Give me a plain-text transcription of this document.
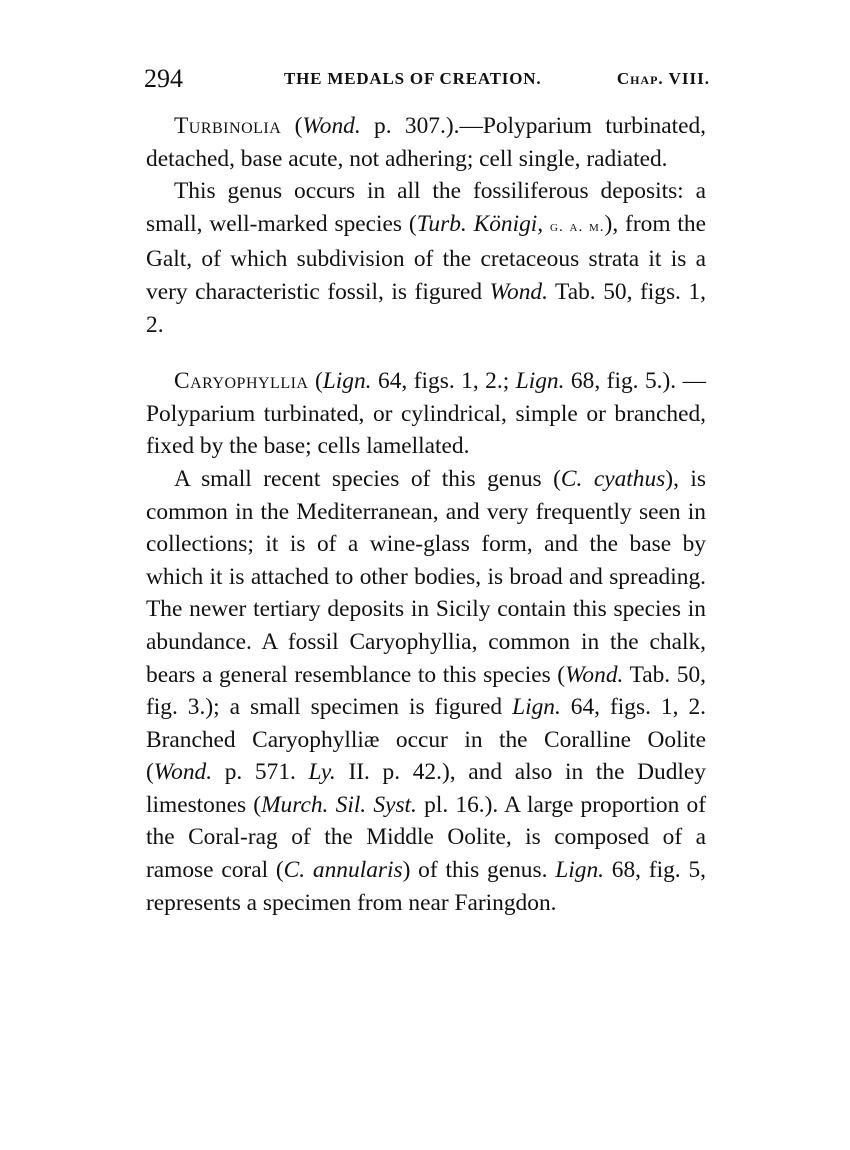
294	THE MEDALS OF CREATION.	Chap. VIII.

Turbinolia (Wond. p. 307.).—Polyparium turbinated, detached, base acute, not adhering; cell single, radiated.

This genus occurs in all the fossiliferous deposits: a small, well-marked species (Turb. Königi, g. a. m.), from the Galt, of which subdivision of the cretaceous strata it is a very characteristic fossil, is figured Wond. Tab. 50, figs. 1, 2.

Caryophyllia (Lign. 64, figs. 1, 2.; Lign. 68, fig. 5.). — Polyparium turbinated, or cylindrical, simple or branched, fixed by the base; cells lamellated.

A small recent species of this genus (C. cyathus), is common in the Mediterranean, and very frequently seen in collections; it is of a wine-glass form, and the base by which it is attached to other bodies, is broad and spreading. The newer tertiary deposits in Sicily contain this species in abundance. A fossil Caryophyllia, common in the chalk, bears a general resemblance to this species (Wond. Tab. 50, fig. 3.); a small specimen is figured Lign. 64, figs. 1, 2. Branched Caryophylliæ occur in the Coralline Oolite (Wond. p. 571. Ly. II. p. 42.), and also in the Dudley limestones (Murch. Sil. Syst. pl. 16.). A large proportion of the Coral-rag of the Middle Oolite, is composed of a ramose coral (C. annularis) of this genus. Lign. 68, fig. 5, represents a specimen from near Faringdon.
